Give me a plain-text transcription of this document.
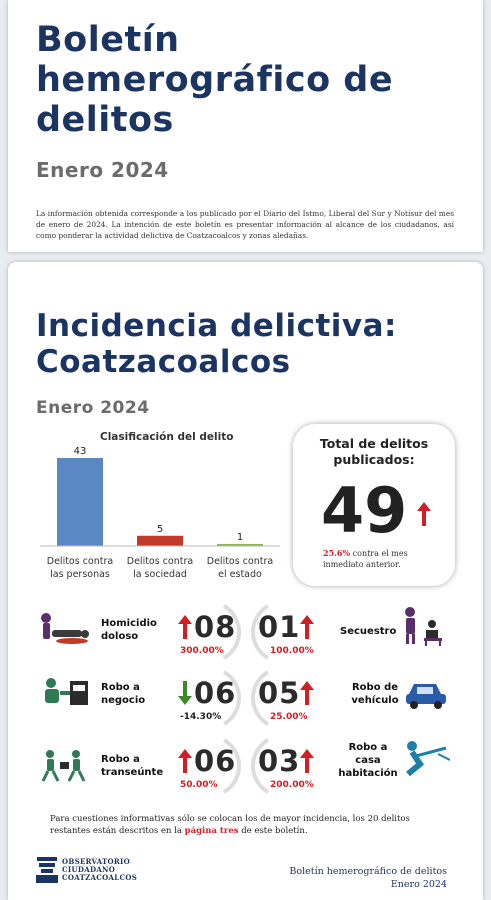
Boletín hemerográfico de delitos
Enero 2024
La información obtenida corresponde a los publicado por el Diario del Istmo, Liberal del Sur y Notisur del mes de enero de 2024. La intención de este boletín es presentar información al alcance de los ciudadanos, así como ponderar la actividad delictiva de Coatzacoalcos y zonas aledañas.
Incidencia delictiva: Coatzacoalcos
Enero 2024
Clasificación del delito
43
Delitos contra
las personas
5
Delitos contra
la sociedad
1
Delitos contra
el estado
Total de delitos publicados:
49
25.6% contra el mes inmediato anterior.
Homicidio doloso	08
300.00%
01
100.00%
Secuestro
Robo a negocio	06
-14.30%
05
25.00%
Robo de vehículo
Robo a transeúnte 06
50.00%
03
200.00%
Robo a casa habitación
Para cuestiones informativas sólo se colocan los de mayor incidencia, los 20 delitos restantes están descritos en la página tres de este boletín.
OBSERVATORIO
CIUDADANO
COATZACOALCOS
Boletín hemerográfico de delitos
Enero 2024
